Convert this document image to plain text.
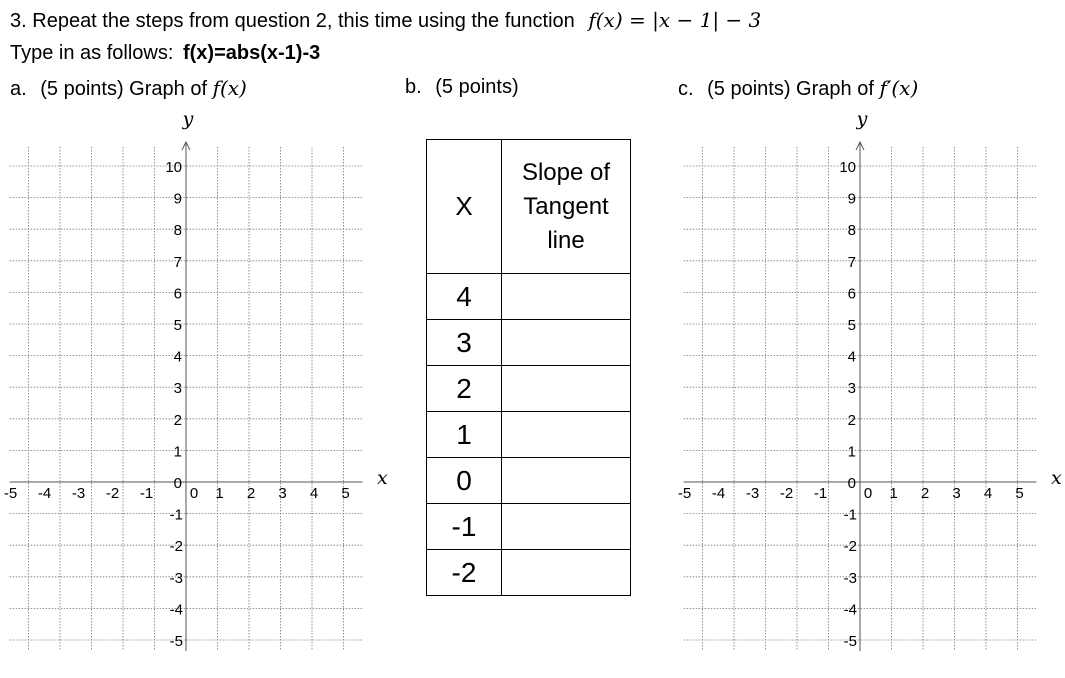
3. Repeat the steps from question 2, this time using the function f(x) = |x − 1| − 3
Type in as follows: f(x)=abs(x-1)-3
a. (5 points) Graph of f(x)	b. (5 points)	c. (5 points) Graph of f′(x)
y
x
10
9
8
7
6
5
4
3
2
1
0
-1
-2
-3
-4
-5
-5 -4 -3 -2 -1 0 1 2 3 4 5
y
x
10
9
8
7
6
5
4
3
2
1
0
-1
-2
-3
-4
-5
-5 -4 -3 -2 -1 0 1 2 3 4 5
X	Slope of
Tangent
line

4	
3	
2	
1	
0	
-1	
-2	
